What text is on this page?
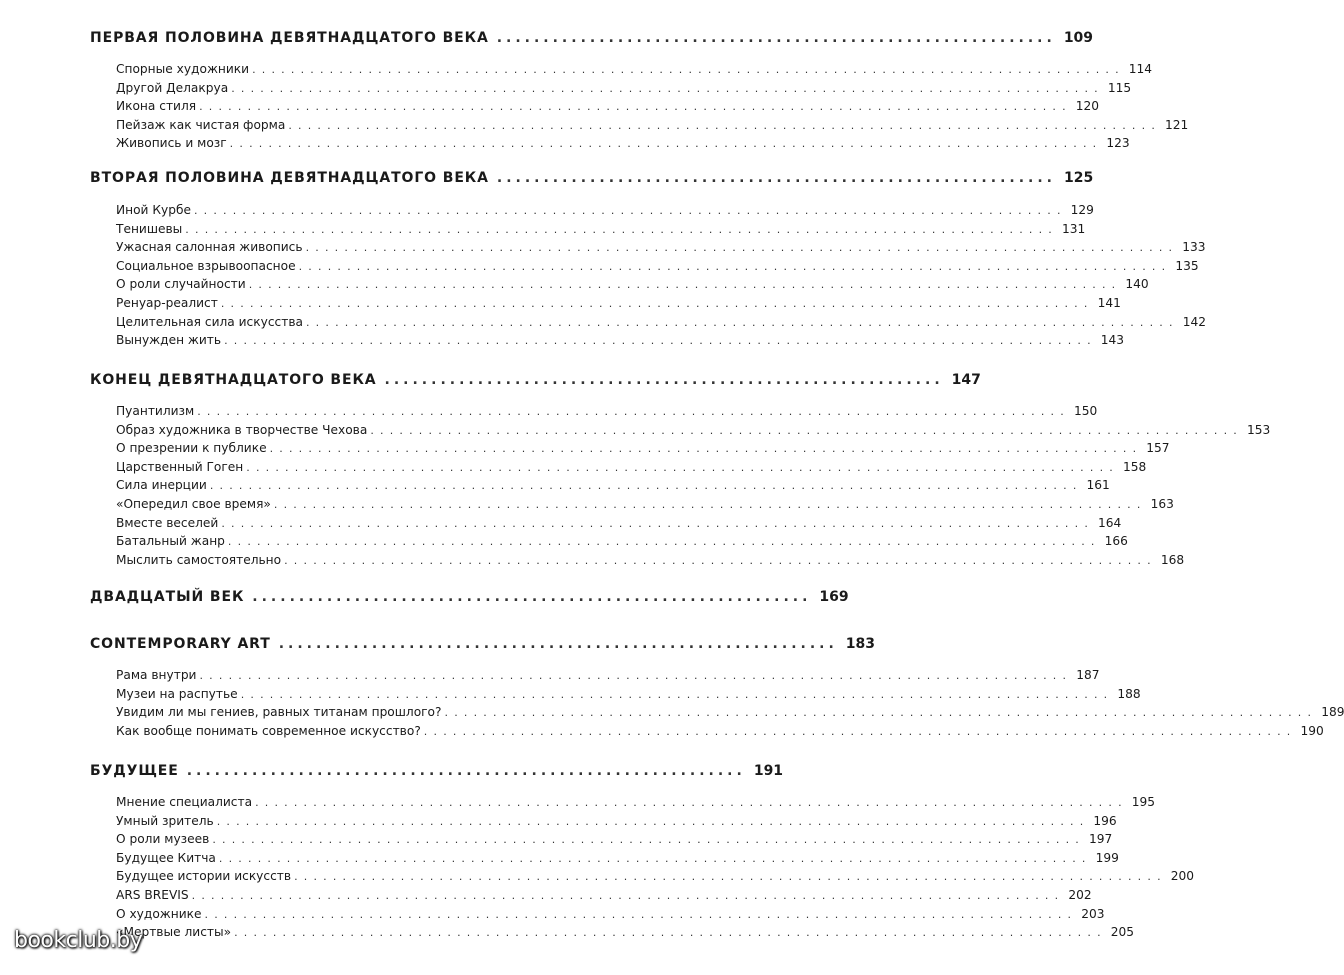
ПЕРВАЯ ПОЛОВИНА ДЕВЯТНАДЦАТОГО ВЕКА ............................................................ 109
Спорные художники .......................................................................................... 114
Другой Делакруа .......................................................................................... 115
Икона стиля .......................................................................................... 120
Пейзаж как чистая форма .......................................................................................... 121
Живопись и мозг .......................................................................................... 123
ВТОРАЯ ПОЛОВИНА ДЕВЯТНАДЦАТОГО ВЕКА ............................................................ 125
Иной Курбе .......................................................................................... 129
Тенишевы .......................................................................................... 131
Ужасная салонная живопись .......................................................................................... 133
Социальное взрывоопасное .......................................................................................... 135
О роли случайности .......................................................................................... 140
Ренуар-реалист .......................................................................................... 141
Целительная сила искусства .......................................................................................... 142
Вынужден жить .......................................................................................... 143
КОНЕЦ ДЕВЯТНАДЦАТОГО ВЕКА ............................................................ 147
Пуантилизм .......................................................................................... 150
Образ художника в творчестве Чехова .......................................................................................... 153
О презрении к публике .......................................................................................... 157
Царственный Гоген .......................................................................................... 158
Сила инерции .......................................................................................... 161
«Опередил свое время» .......................................................................................... 163
Вместе веселей .......................................................................................... 164
Батальный жанр .......................................................................................... 166
Мыслить самостоятельно .......................................................................................... 168
ДВАДЦАТЫЙ ВЕК ............................................................ 169
CONTEMPORARY ART ............................................................ 183
Рама внутри .......................................................................................... 187
Музеи на распутье .......................................................................................... 188
Увидим ли мы гениев, равных титанам прошлого? .......................................................................................... 189
Как вообще понимать современное искусство? .......................................................................................... 190
БУДУЩЕЕ ............................................................ 191
Мнение специалиста .......................................................................................... 195
Умный зритель .......................................................................................... 196
О роли музеев .......................................................................................... 197
Будущее Китча .......................................................................................... 199
Будущее истории искусств .......................................................................................... 200
ARS BREVIS .......................................................................................... 202
О художнике .......................................................................................... 203
«Мертвые листы» .......................................................................................... 205
bookclub.by
